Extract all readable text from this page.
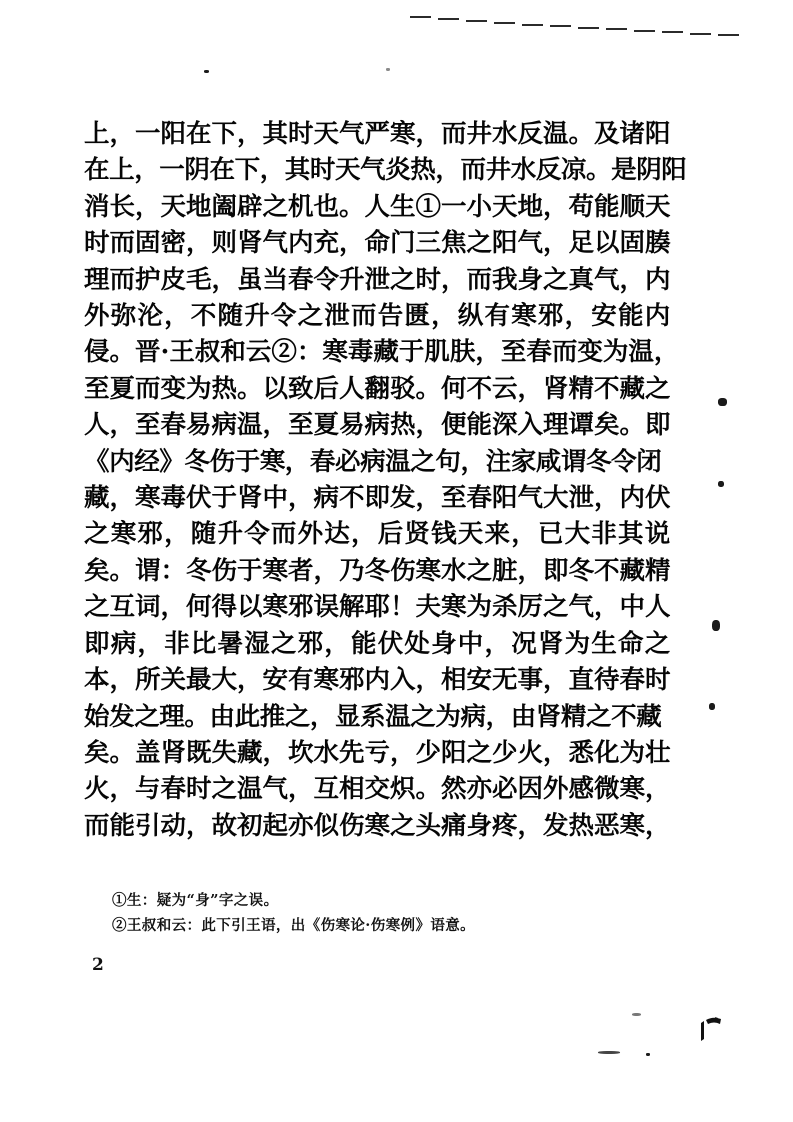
上，一阳在下，其时天气严寒，而井水反温。及诸阳
在上，一阴在下，其时天气炎热，而井水反凉。是阴阳
消长，天地阖辟之机也。人生①一小天地，苟能顺天
时而固密，则肾气内充，命门三焦之阳气，足以固腠
理而护皮毛，虽当春令升泄之时，而我身之真气，内
外弥沦，不随升令之泄而告匮，纵有寒邪，安能内
侵。晋·王叔和云②：寒毒藏于肌肤，至春而变为温，
至夏而变为热。以致后人翻驳。何不云，肾精不藏之
人，至春易病温，至夏易病热，便能深入理谭矣。即
《内经》冬伤于寒，春必病温之句，注家咸谓冬令闭
藏，寒毒伏于肾中，病不即发，至春阳气大泄，内伏
之寒邪，随升令而外达，后贤钱天来，已大非其说
矣。谓：冬伤于寒者，乃冬伤寒水之脏，即冬不藏精
之互词，何得以寒邪误解耶！夫寒为杀厉之气，中人
即病，非比暑湿之邪，能伏处身中，况肾为生命之
本，所关最大，安有寒邪内入，相安无事，直待春时
始发之理。由此推之，显系温之为病，由肾精之不藏
矣。盖肾既失藏，坎水先亏，少阳之少火，悉化为壮
火，与春时之温气，互相交炽。然亦必因外感微寒，
而能引动，故初起亦似伤寒之头痛身疼，发热恶寒，
①生：疑为“身”字之误。
②王叔和云：此下引王语，出《伤寒论·伤寒例》语意。
2
